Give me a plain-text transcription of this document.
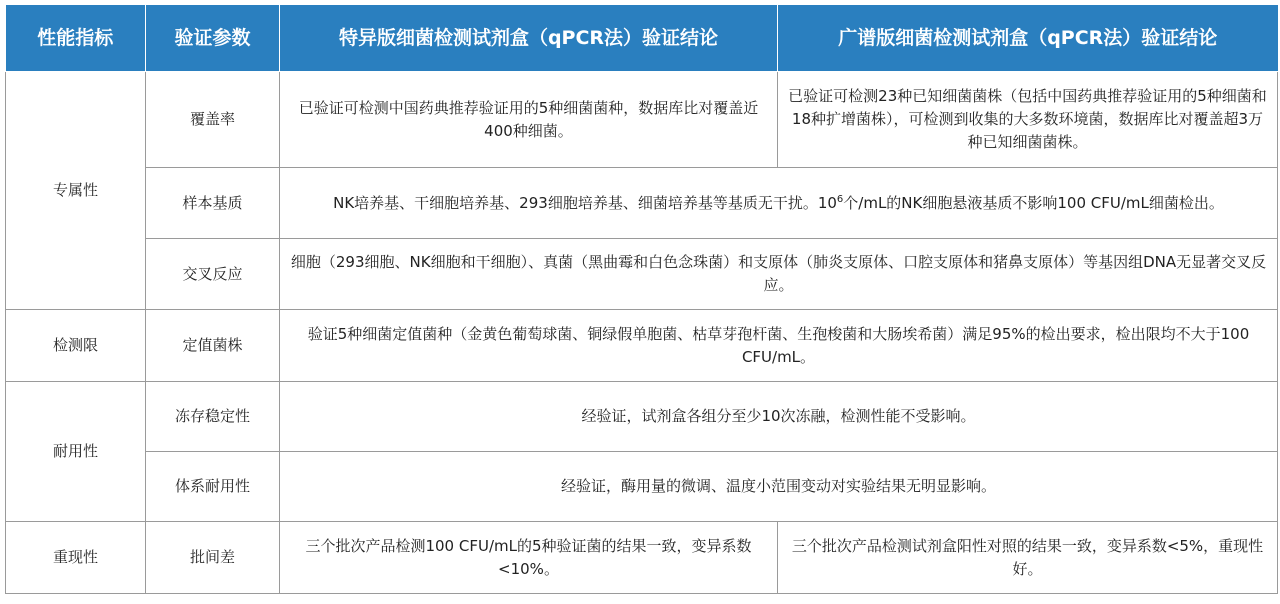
性能指标	验证参数	特异版细菌检测试剂盒（qPCR法）验证结论	广谱版细菌检测试剂盒（qPCR法）验证结论
专属性	覆盖率	已验证可检测中国药典推荐验证用的5种细菌菌种，数据库比对覆盖近400种细菌。	已验证可检测23种已知细菌菌株（包括中国药典推荐验证用的5种细菌和18种扩增菌株），可检测到收集的大多数环境菌，数据库比对覆盖超3万种已知细菌菌株。
	样本基质	NK培养基、干细胞培养基、293细胞培养基、细菌培养基等基质无干扰。$10^6$个/mL的NK细胞悬液基质不影响100 CFU/mL细菌检出。	
	交叉反应	细胞（293细胞、NK细胞和干细胞）、真菌（黑曲霉和白色念珠菌）和支原体（肺炎支原体、口腔支原体和猪鼻支原体）等基因组DNA无显著交叉反应。	
检测限	定值菌株	验证5种细菌定值菌种（金黄色葡萄球菌、铜绿假单胞菌、枯草芽孢杆菌、生孢梭菌和大肠埃希菌）满足95%的检出要求，检出限均不大于100 CFU/mL。	
耐用性	冻存稳定性	经验证，试剂盒各组分至少10次冻融，检测性能不受影响。	
	体系耐用性	经验证，酶用量的微调、温度小范围变动对实验结果无明显影响。	
重现性	批间差	三个批次产品检测100 CFU/mL的5种验证菌的结果一致，变异系数<10%。	三个批次产品检测试剂盒阳性对照的结果一致，变异系数<5%，重现性好。
